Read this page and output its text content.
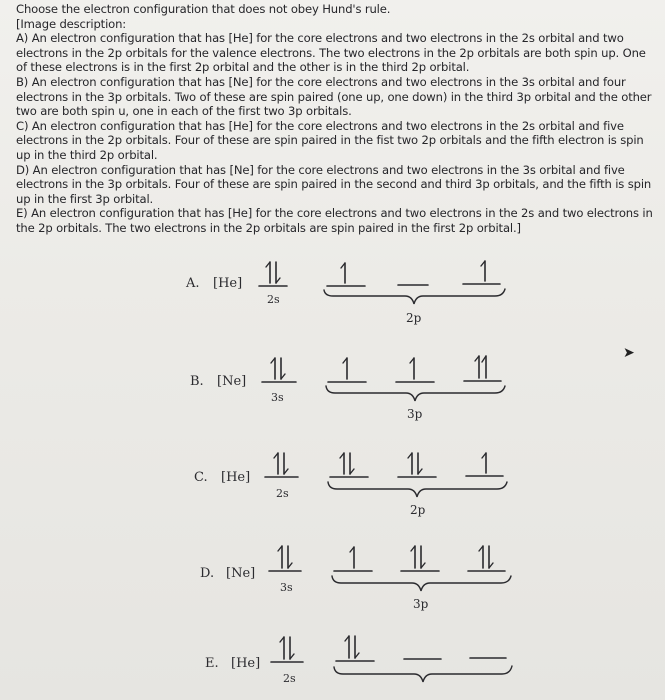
Choose the electron configuration that does not obey Hund's rule.

[Image description:

A) An electron configuration that has [He] for the core electrons and two electrons in the 2s orbital and two electrons in the 2p orbitals for the valence electrons. The two electrons in the 2p orbitals are both spin up. One of these electrons is in the first 2p orbital and the other is in the third 2p orbital.

B) An electron configuration that has [Ne] for the core electrons and two electrons in the 3s orbital and four electrons in the 3p orbitals. Two of these are spin paired (one up, one down) in the third 3p orbital and the other two are both spin u, one in each of the first two 3p orbitals.

C) An electron configuration that has [He] for the core electrons and two electrons in the 2s orbital and five electrons in the 2p orbitals. Four of these are spin paired in the fist two 2p orbitals and the fifth electron is spin up in the third 2p orbital.

D) An electron configuration that has [Ne] for the core electrons and two electrons in the 3s orbital and five electrons in the 3p orbitals. Four of these are spin paired in the second and third 3p orbitals, and the fifth is spin up in the first 3p orbital.

E) An electron configuration that has [He] for the core electrons and two electrons in the 2s and two electrons in the 2p orbitals. The two electrons in the 2p orbitals are spin paired in the first 2p orbital.]

A. [He]
2s
2p
B. [Ne]
3s
3p
C. [He]
2s
2p
D. [Ne]
3s
3p
E. [He]
2s
➤
